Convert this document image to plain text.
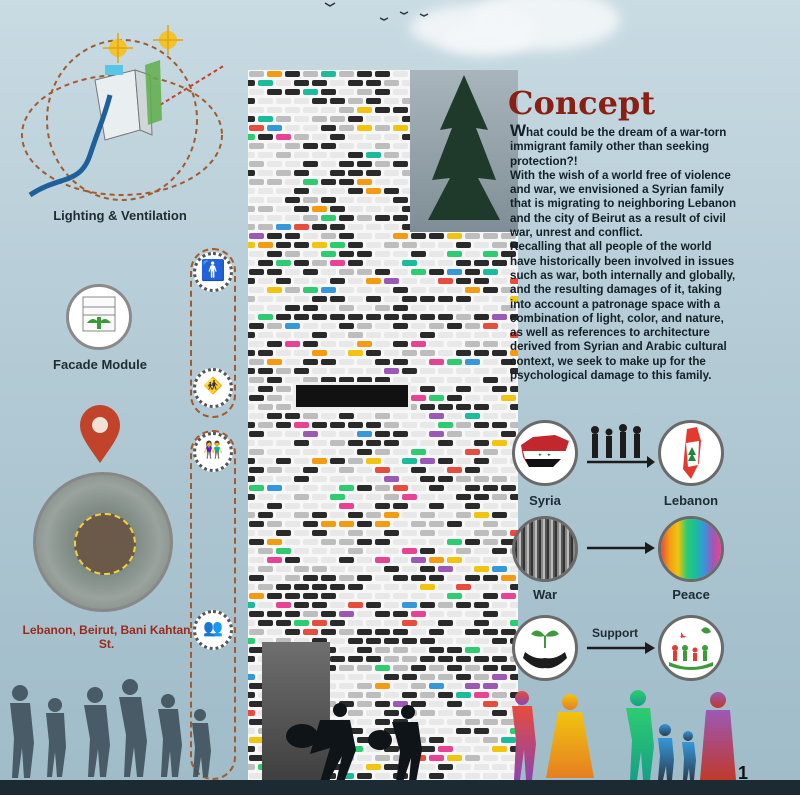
Lighting & Ventilation
Facade Module
Lebanon, Beirut, Bani Kahtan St.
🚹
🚸
👫
👥
Concept
What could be the dream of a war-torn
immigrant family other than seeking
protection?!
With the wish of a world free of violence
and war, we envisioned a Syrian family
that is migrating to neighboring Lebanon
and the city of Beirut as a result of civil
war, unrest and conflict.
Recalling that all people of the world
have historically been involved in issues
such as war, both internally and globally,
and the resulting damages of it, taking
into account a patronage space with a
combination of light, color, and nature,
as well as references to architecture
derived from Syrian and Arabic cultural
context, we seek to make up for the
psychological damage to this family.
Syria	Lebanon
War	Peace
Support
1
